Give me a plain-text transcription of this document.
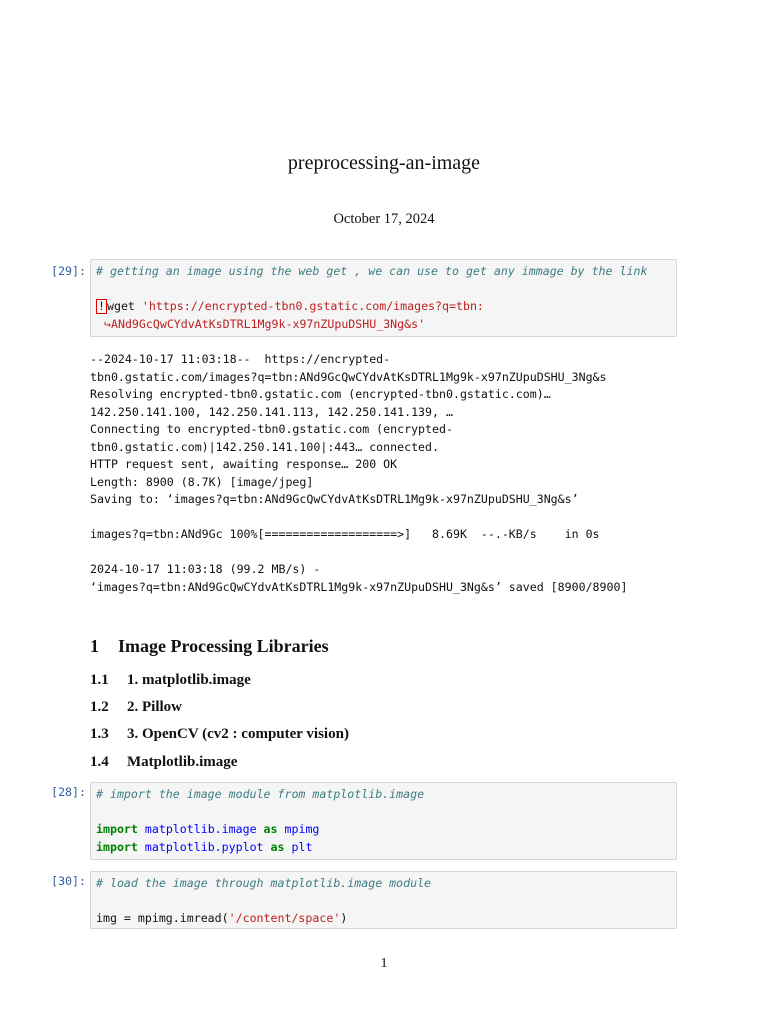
preprocessing-an-image
October 17, 2024
[29]: # getting an image using the web get , we can use to get any immage by the link
! wget 'https://encrypted-tbn0.gstatic.com/images?q=tbn:
↪ANd9GcQwCYdvAtKsDTRL1Mg9k-x97nZUpuDSHU_3Ng&s'
--2024-10-17 11:03:18--  https://encrypted-
tbn0.gstatic.com/images?q=tbn:ANd9GcQwCYdvAtKsDTRL1Mg9k-x97nZUpuDSHU_3Ng&s
Resolving encrypted-tbn0.gstatic.com (encrypted-tbn0.gstatic.com)…
142.250.141.100, 142.250.141.113, 142.250.141.139, …
Connecting to encrypted-tbn0.gstatic.com (encrypted-
tbn0.gstatic.com)|142.250.141.100|:443… connected.
HTTP request sent, awaiting response… 200 OK
Length: 8900 (8.7K) [image/jpeg]
Saving to: ‘images?q=tbn:ANd9GcQwCYdvAtKsDTRL1Mg9k-x97nZUpuDSHU_3Ng&s’
images?q=tbn:ANd9Gc 100%[===================>]   8.69K  --.-KB/s    in 0s
2024-10-17 11:03:18 (99.2 MB/s) -
‘images?q=tbn:ANd9GcQwCYdvAtKsDTRL1Mg9k-x97nZUpuDSHU_3Ng&s’ saved [8900/8900]
1 Image Processing Libraries
1.1 1. matplotlib.image
1.2 2. Pillow
1.3 3. OpenCV (cv2 : computer vision)
1.4 Matplotlib.image
[28]: # import the image module from matplotlib.image
import matplotlib.image as mpimg
import matplotlib.pyplot as plt
[30]: # load the image through matplotlib.image module
img = mpimg.imread('/content/space')
1
